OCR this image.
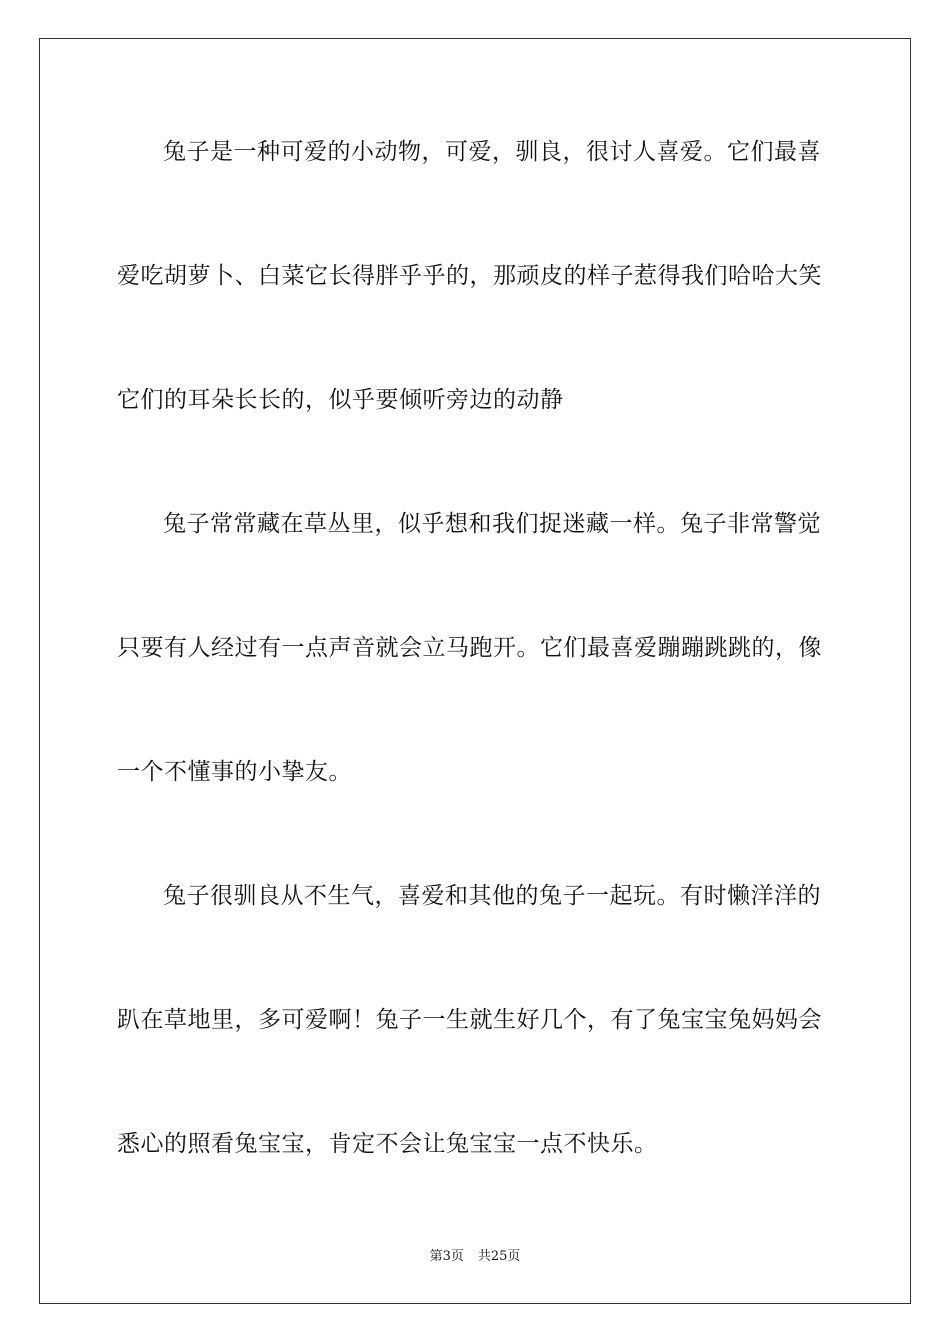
兔子是一种可爱的小动物，可爱，驯良，很讨人喜爱。它们最喜
爱吃胡萝卜、白菜它长得胖乎乎的，那顽皮的样子惹得我们哈哈大笑
它们的耳朵长长的，似乎要倾听旁边的动静
兔子常常藏在草丛里，似乎想和我们捉迷藏一样。兔子非常警觉
只要有人经过有一点声音就会立马跑开。它们最喜爱蹦蹦跳跳的，像
一个不懂事的小挚友。
兔子很驯良从不生气，喜爱和其他的兔子一起玩。有时懒洋洋的
趴在草地里，多可爱啊！兔子一生就生好几个，有了兔宝宝兔妈妈会
悉心的照看兔宝宝，肯定不会让兔宝宝一点不快乐。
第3页 共25页
